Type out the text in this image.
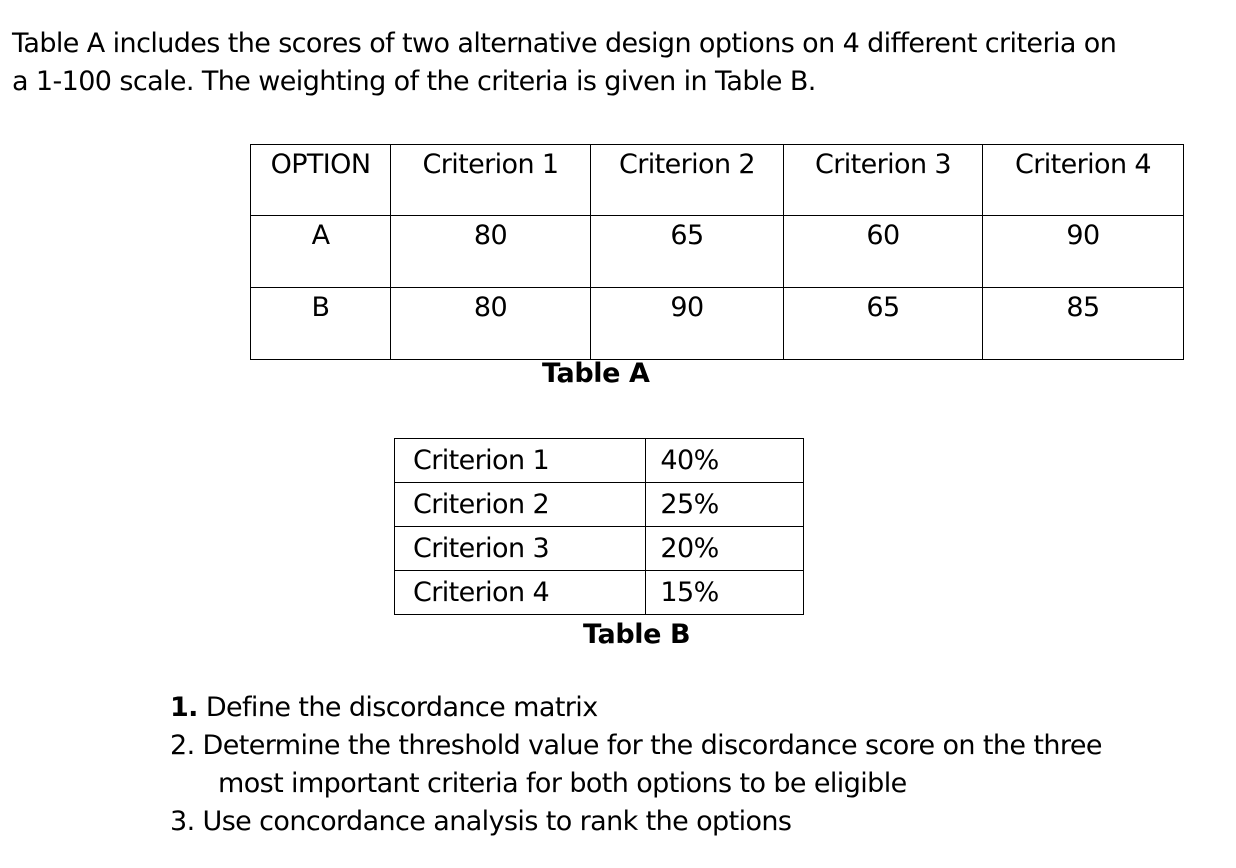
Table A includes the scores of two alternative design options on 4 different criteria on
a 1-100 scale. The weighting of the criteria is given in Table B.

OPTION	Criterion 1	Criterion 2	Criterion 3	Criterion 4
A	80	65	60	90
B	80	90	65	85

Table A

Criterion 1	40%
Criterion 2	25%
Criterion 3	20%
Criterion 4	15%

Table B

1. Define the discordance matrix
2. Determine the threshold value for the discordance score on the three
most important criteria for both options to be eligible
3. Use concordance analysis to rank the options
